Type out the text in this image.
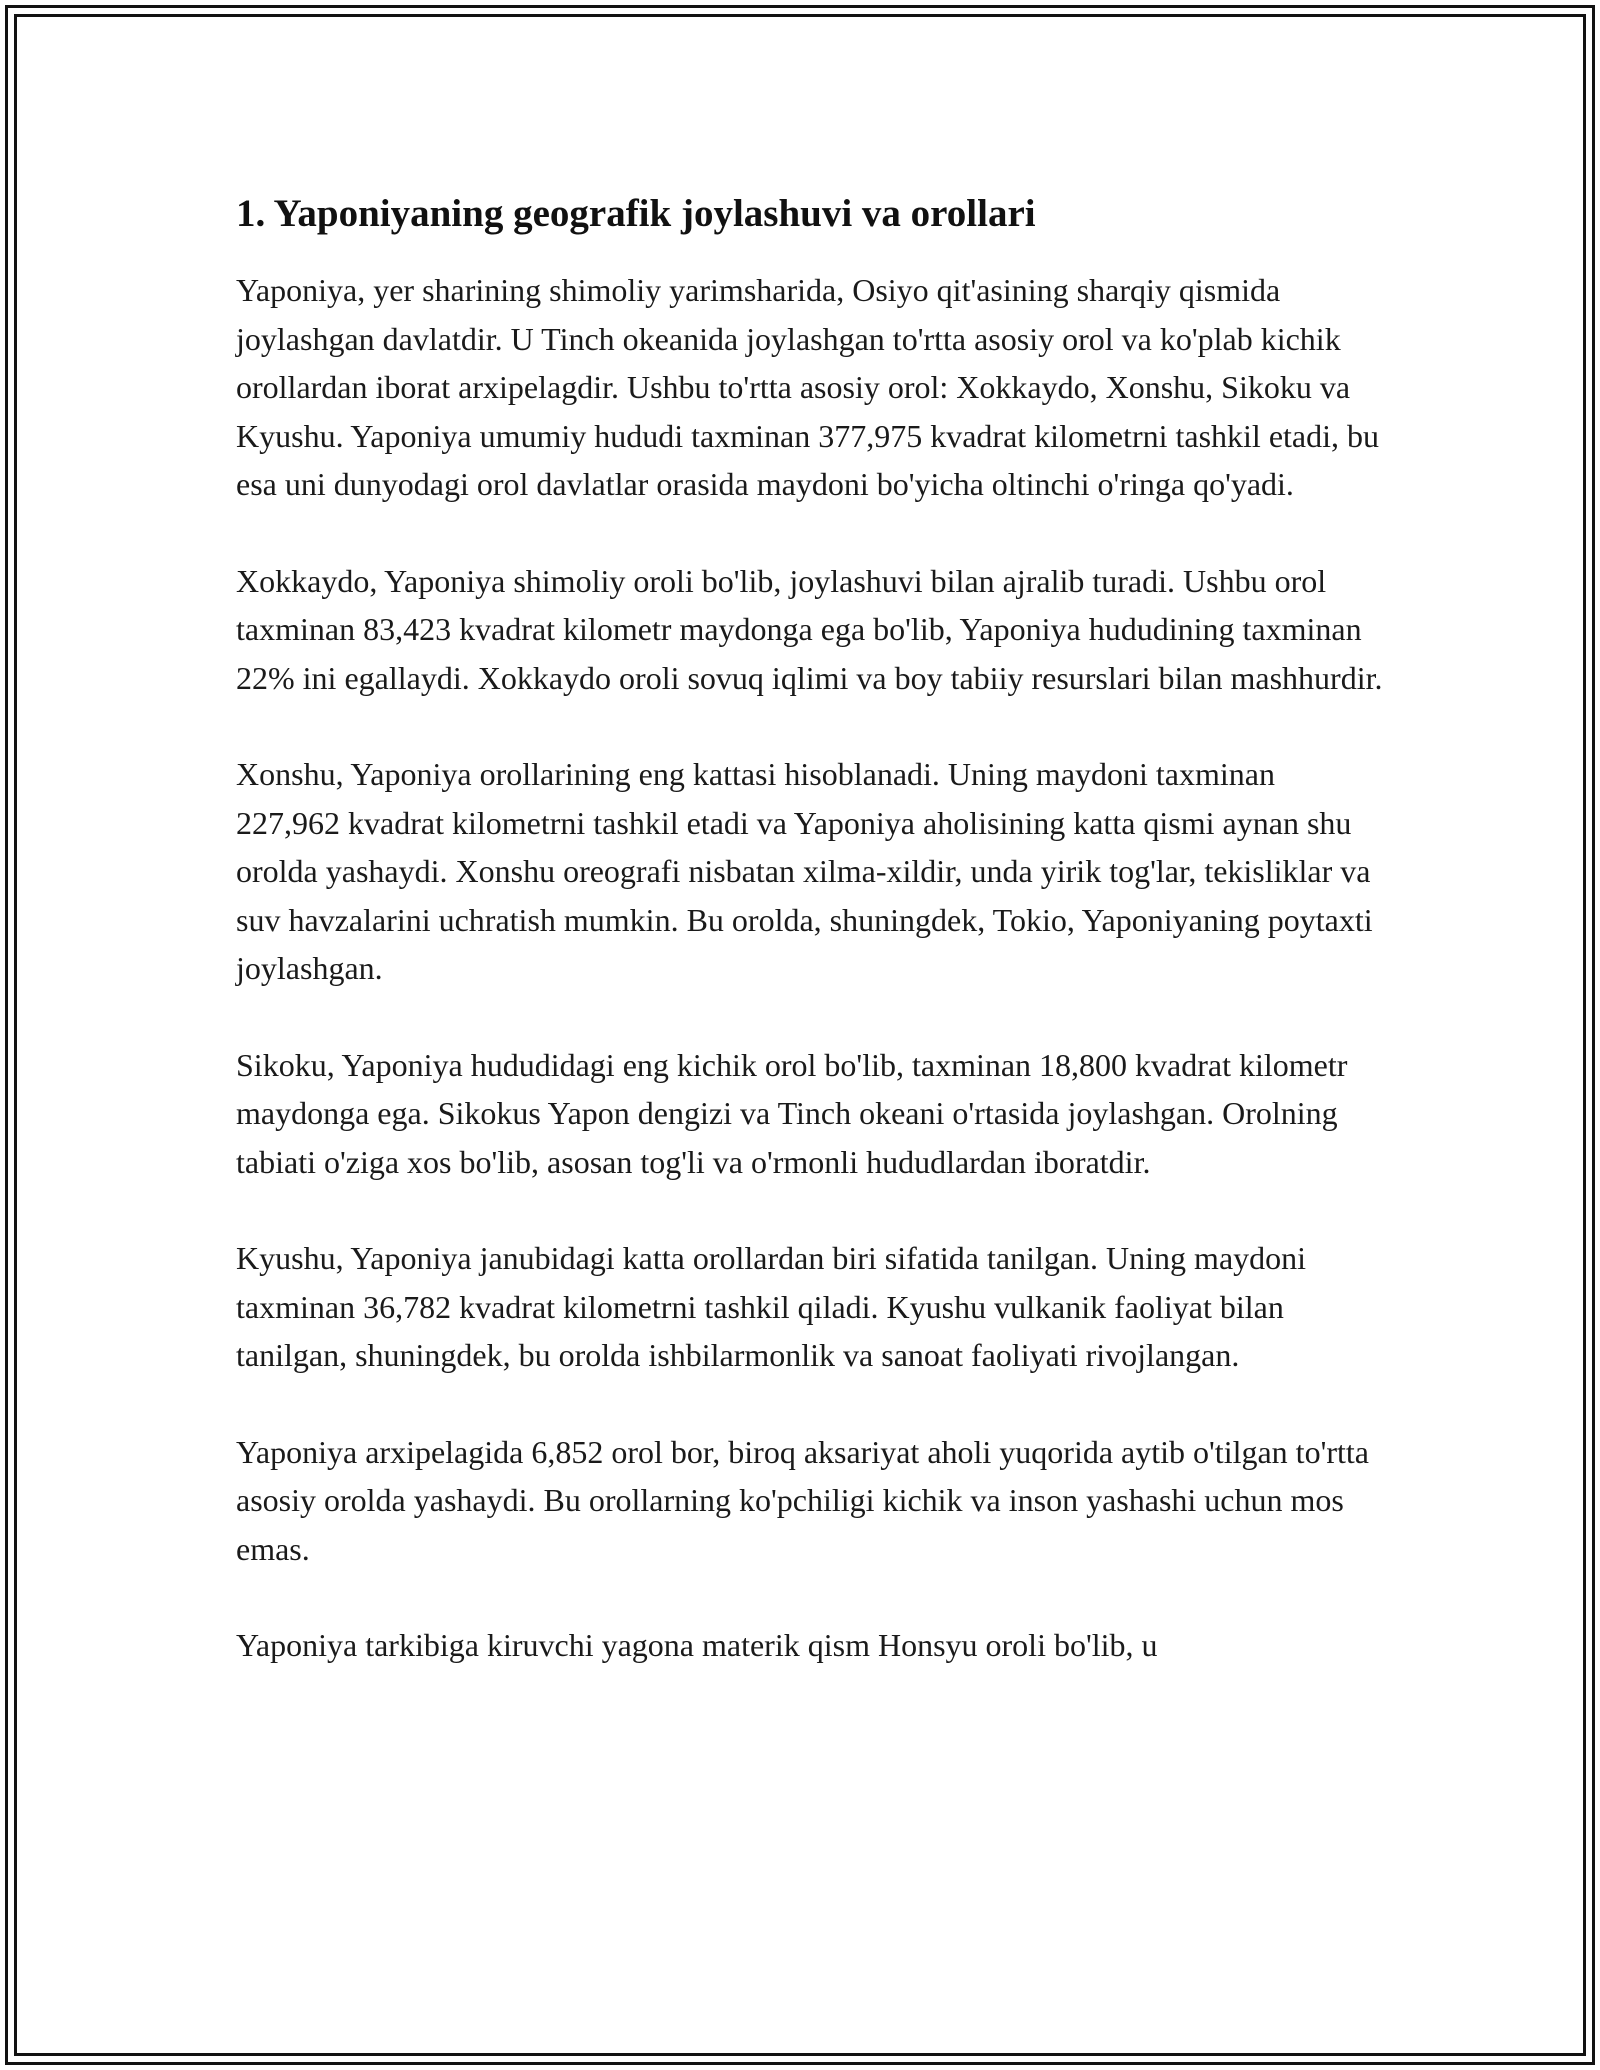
1. Yaponiyaning geografik joylashuvi va orollari

Yaponiya, yer sharining shimoliy yarimsharida, Osiyo qit'asining sharqiy qismida joylashgan davlatdir. U Tinch okeanida joylashgan to'rtta asosiy orol va ko'plab kichik orollardan iborat arxipelagdir. Ushbu to'rtta asosiy orol: Xokkaydo, Xonshu, Sikoku va Kyushu. Yaponiya umumiy hududi taxminan 377,975 kvadrat kilometrni tashkil etadi, bu esa uni dunyodagi orol davlatlar orasida maydoni bo'yicha oltinchi o'ringa qo'yadi.

Xokkaydo, Yaponiya shimoliy oroli bo'lib, joylashuvi bilan ajralib turadi. Ushbu orol taxminan 83,423 kvadrat kilometr maydonga ega bo'lib, Yaponiya hududining taxminan 22% ini egallaydi. Xokkaydo oroli sovuq iqlimi va boy tabiiy resurslari bilan mashhurdir.

Xonshu, Yaponiya orollarining eng kattasi hisoblanadi. Uning maydoni taxminan 227,962 kvadrat kilometrni tashkil etadi va Yaponiya aholisining katta qismi aynan shu orolda yashaydi. Xonshu oreografi nisbatan xilma-xildir, unda yirik tog'lar, tekisliklar va suv havzalarini uchratish mumkin. Bu orolda, shuningdek, Tokio, Yaponiyaning poytaxti joylashgan.

Sikoku, Yaponiya hududidagi eng kichik orol bo'lib, taxminan 18,800 kvadrat kilometr maydonga ega. Sikokus Yapon dengizi va Tinch okeani o'rtasida joylashgan. Orolning tabiati o'ziga xos bo'lib, asosan tog'li va o'rmonli hududlardan iboratdir.

Kyushu, Yaponiya janubidagi katta orollardan biri sifatida tanilgan. Uning maydoni taxminan 36,782 kvadrat kilometrni tashkil qiladi. Kyushu vulkanik faoliyat bilan tanilgan, shuningdek, bu orolda ishbilarmonlik va sanoat faoliyati rivojlangan.

Yaponiya arxipelagida 6,852 orol bor, biroq aksariyat aholi yuqorida aytib o'tilgan to'rtta asosiy orolda yashaydi. Bu orollarning ko'pchiligi kichik va inson yashashi uchun mos emas.

Yaponiya tarkibiga kiruvchi yagona materik qism Honsyu oroli bo'lib, u
